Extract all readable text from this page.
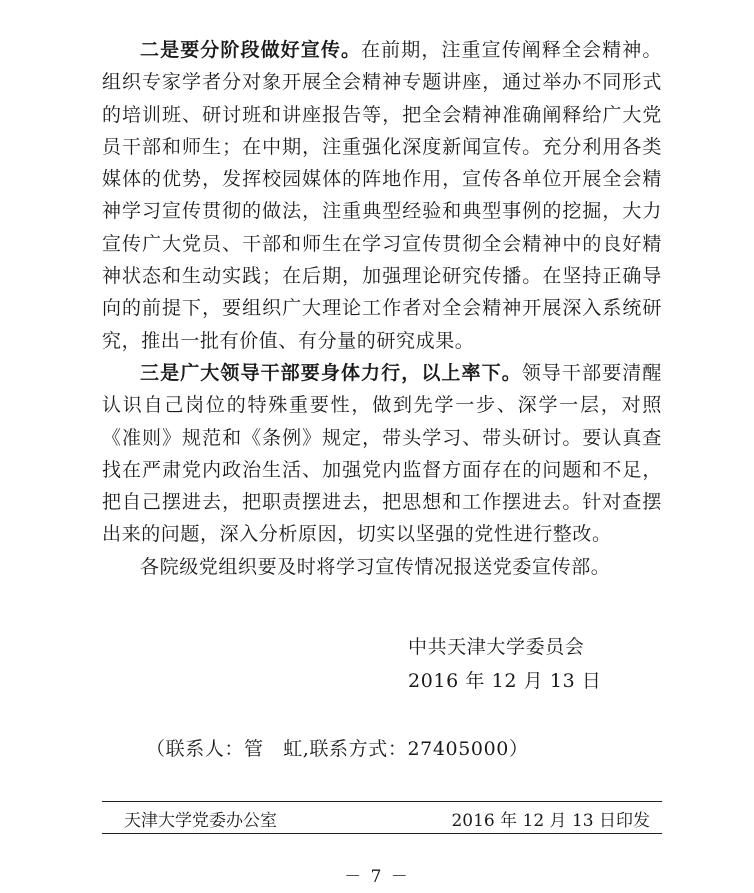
二是要分阶段做好宣传。在前期，注重宣传阐释全会精神。组织专家学者分对象开展全会精神专题讲座，通过举办不同形式的培训班、研讨班和讲座报告等，把全会精神准确阐释给广大党员干部和师生；在中期，注重强化深度新闻宣传。充分利用各类媒体的优势，发挥校园媒体的阵地作用，宣传各单位开展全会精神学习宣传贯彻的做法，注重典型经验和典型事例的挖掘，大力宣传广大党员、干部和师生在学习宣传贯彻全会精神中的良好精神状态和生动实践；在后期，加强理论研究传播。在坚持正确导向的前提下，要组织广大理论工作者对全会精神开展深入系统研究，推出一批有价值、有分量的研究成果。

三是广大领导干部要身体力行，以上率下。领导干部要清醒认识自己岗位的特殊重要性，做到先学一步、深学一层，对照《准则》规范和《条例》规定，带头学习、带头研讨。要认真查找在严肃党内政治生活、加强党内监督方面存在的问题和不足，把自己摆进去，把职责摆进去，把思想和工作摆进去。针对查摆出来的问题，深入分析原因，切实以坚强的党性进行整改。

各院级党组织要及时将学习宣传情况报送党委宣传部。

中共天津大学委员会
2016 年 12 月 13 日
（联系人：管　虹,联系方式：27405000）
天津大学党委办公室	2016 年 12 月 13 日印发
－ 7 －
